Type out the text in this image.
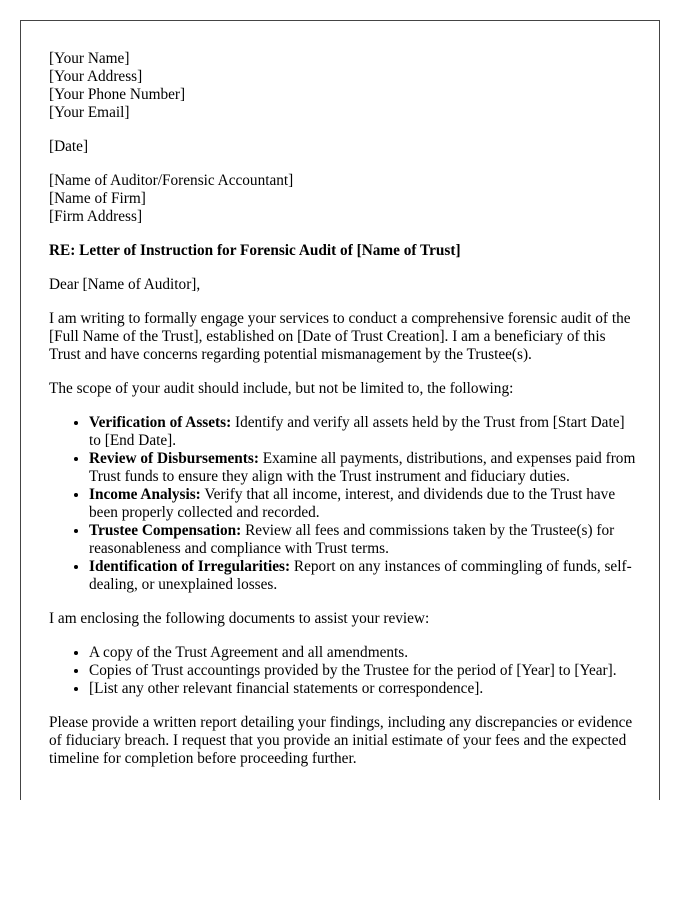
[Your Name]
[Your Address]
[Your Phone Number]
[Your Email]
[Date]
[Name of Auditor/Forensic Accountant]
[Name of Firm]
[Firm Address]
RE: Letter of Instruction for Forensic Audit of [Name of Trust]

Dear [Name of Auditor],

I am writing to formally engage your services to conduct a comprehensive forensic audit of the [Full Name of the Trust], established on [Date of Trust Creation]. I am a beneficiary of this Trust and have concerns regarding potential mismanagement by the Trustee(s).

The scope of your audit should include, but not be limited to, the following:

• Verification of Assets: Identify and verify all assets held by the Trust from [Start Date] to [End Date].
• Review of Disbursements: Examine all payments, distributions, and expenses paid from Trust funds to ensure they align with the Trust instrument and fiduciary duties.
• Income Analysis: Verify that all income, interest, and dividends due to the Trust have been properly collected and recorded.
• Trustee Compensation: Review all fees and commissions taken by the Trustee(s) for reasonableness and compliance with Trust terms.
• Identification of Irregularities: Report on any instances of commingling of funds, self-dealing, or unexplained losses.

I am enclosing the following documents to assist your review:

• A copy of the Trust Agreement and all amendments.
• Copies of Trust accountings provided by the Trustee for the period of [Year] to [Year].
• [List any other relevant financial statements or correspondence].

Please provide a written report detailing your findings, including any discrepancies or evidence of fiduciary breach. I request that you provide an initial estimate of your fees and the expected timeline for completion before proceeding further.
